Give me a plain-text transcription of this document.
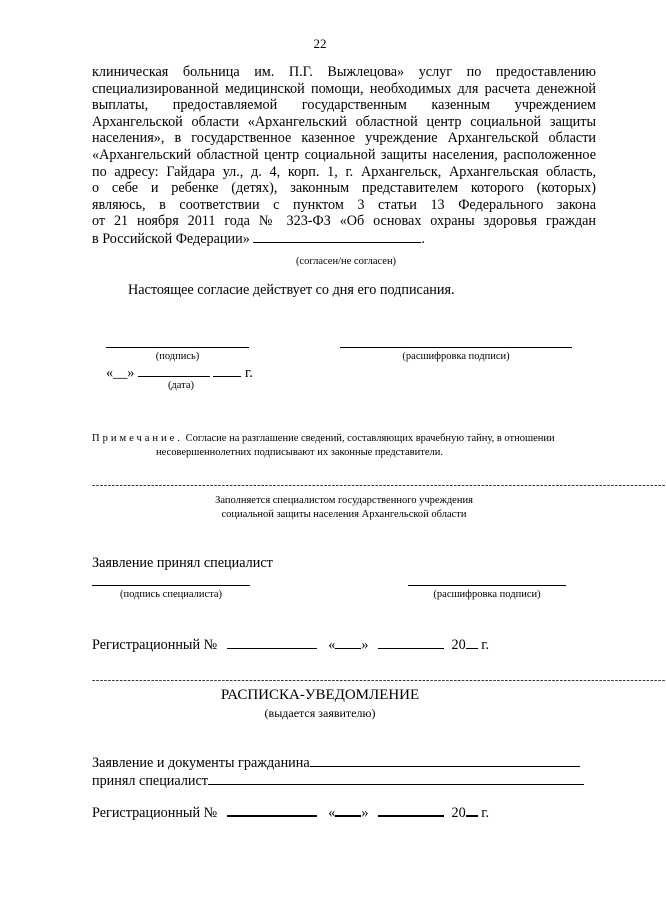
22
клиническая больница им. П.Г. Выжлецова» услуг по предоставлению
специализированной медицинской помощи, необходимых для расчета денежной
выплаты, предоставляемой государственным казенным учреждением
Архангельской области «Архангельский областной центр социальной защиты
населения», в государственное казенное учреждение Архангельской области
«Архангельский областной центр социальной защиты населения, расположенное
по адресу: Гайдара ул., д. 4, корп. 1, г. Архангельск, Архангельская область,
о себе и ребенке (детях), законным представителем которого (которых)
являюсь, в соответствии с пунктом 3 статьи 13 Федерального закона
от 21 ноября 2011 года № 323-ФЗ «Об основах охраны здоровья граждан
в Российской Федерации»	.
(согласен/не согласен)
Настоящее согласие действует со дня его подписания.
(подпись)	(расшифровка подписи)
«__»	г.
(дата)
Примечание. Согласие на разглашение сведений, составляющих врачебную тайну, в отношении
несовершеннолетних подписывают их законные представители.
--------------------------------------------------------------------------------------------------------------------------------------------------
Заполняется специалистом государственного учреждения
социальной защиты населения Архангельской области
Заявление принял специалист
(подпись специалиста)	(расшифровка подписи)
Регистрационный №	« »	20 г.
--------------------------------------------------------------------------------------------------------------------------------------------------
РАСПИСКА-УВЕДОМЛЕНИЕ
(выдается заявителю)
Заявление и документы гражданина
принял специалист
Регистрационный №	« »	20 г.
